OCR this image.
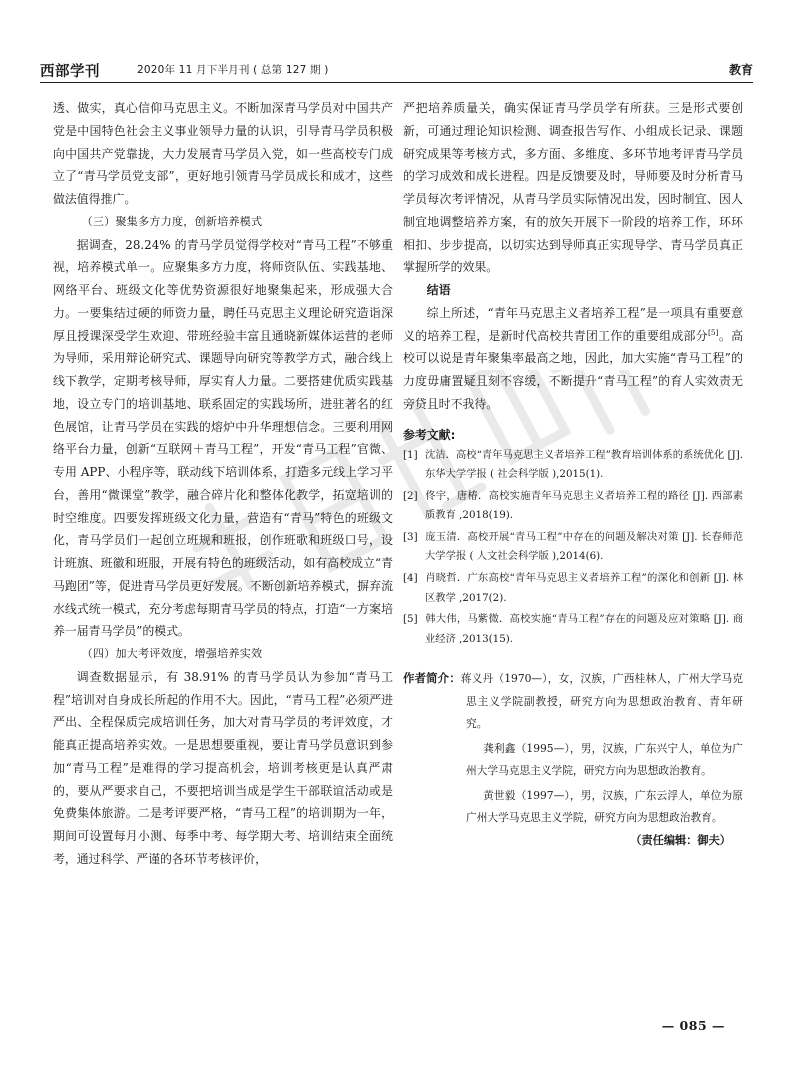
西部学刊	2020年 11 月下半月刊 ( 总第 127 期 )	教育

透、做实，真心信仰马克思主义。不断加深青马学员对中国共产党是中国特色社会主义事业领导力量的认识，引导青马学员积极向中国共产党靠拢，大力发展青马学员入党，如一些高校专门成立了“青马学员党支部”，更好地引领青马学员成长和成才，这些做法值得推广。

（三）聚集多方力度，创新培养模式

据调查，28.24% 的青马学员觉得学校对“青马工程”不够重视，培养模式单一。应聚集多方力度，将师资队伍、实践基地、网络平台、班级文化等优势资源很好地聚集起来，形成强大合力。一要集结过硬的师资力量，聘任马克思主义理论研究造诣深厚且授课深受学生欢迎、带班经验丰富且通晓新媒体运营的老师为导师，采用辩论研究式、课题导向研究等教学方式，融合线上线下教学，定期考核导师，厚实育人力量。二要搭建优质实践基地，设立专门的培训基地、联系固定的实践场所，进驻著名的红色展馆，让青马学员在实践的熔炉中升华理想信念。三要利用网络平台力量，创新“互联网＋青马工程”，开发“青马工程”官微、专用 APP、小程序等，联动线下培训体系，打造多元线上学习平台，善用“微课堂”教学，融合碎片化和整体化教学，拓宽培训的时空维度。四要发挥班级文化力量，营造有“青马”特色的班级文化，青马学员们一起创立班规和班报，创作班歌和班级口号，设计班旗、班徽和班服，开展有特色的班级活动，如有高校成立“青马跑团”等，促进青马学员更好发展。不断创新培养模式，摒弃流水线式统一模式，充分考虑每期青马学员的特点，打造“一方案培养一届青马学员”的模式。

（四）加大考评效度，增强培养实效

调查数据显示，有 38.91% 的青马学员认为参加“青马工程”培训对自身成长所起的作用不大。因此，“青马工程”必须严进严出、全程保质完成培训任务，加大对青马学员的考评效度，才能真正提高培养实效。一是思想要重视，要让青马学员意识到参加“青马工程”是难得的学习提高机会，培训考核更是认真严肃的，要从严要求自己，不要把培训当成是学生干部联谊活动或是免费集体旅游。二是考评要严格，“青马工程”的培训期为一年，期间可设置每月小测、每季中考、每学期大考、培训结束全面统考，通过科学、严谨的各环节考核评价，

严把培养质量关，确实保证青马学员学有所获。三是形式要创新，可通过理论知识检测、调查报告写作、小组成长记录、课题研究成果等考核方式，多方面、多维度、多环节地考评青马学员的学习成效和成长进程。四是反馈要及时，导师要及时分析青马学员每次考评情况，从青马学员实际情况出发，因时制宜、因人制宜地调整培养方案，有的放矢开展下一阶段的培养工作，环环相扣、步步提高，以切实达到导师真正实现导学、青马学员真正掌握所学的效果。

结语

综上所述，“青年马克思主义者培养工程”是一项具有重要意义的培养工程，是新时代高校共青团工作的重要组成部分[5]。高校可以说是青年聚集率最高之地，因此，加大实施“青马工程”的力度毋庸置疑且刻不容缓，不断提升“青马工程”的育人实效责无旁贷且时不我待。

参考文献:
[1] 沈洁．高校“青年马克思主义者培养工程”教育培训体系的系统优化 [J]. 东华大学学报 ( 社会科学版 ),2015(1).
[2] 佟宇，唐椿．高校实施青年马克思主义者培养工程的路径 [J]. 西部素质教育 ,2018(19).
[3] 庞玉清．高校开展“青马工程”中存在的问题及解决对策 [J]. 长春师范大学学报 ( 人文社会科学版 ),2014(6).
[4] 肖晓哲．广东高校“青年马克思主义者培养工程”的深化和创新 [J]. 林区教学 ,2017(2).
[5] 韩大伟，马紫微．高校实施“青马工程”存在的问题及应对策略 [J]. 商业经济 ,2013(15).
作者简介：蒋义丹（1970—），女，汉族，广西桂林人，广州大学马克思主义学院副教授，研究方向为思想政治教育、青年研究。
龚利鑫（1995—），男，汉族，广东兴宁人，单位为广州大学马克思主义学院，研究方向为思想政治教育。
黄世毅（1997—），男，汉族，广东云浮人，单位为原广州大学马克思主义学院，研究方向为思想政治教育。
（责任编辑：御夫）
— 085 —
